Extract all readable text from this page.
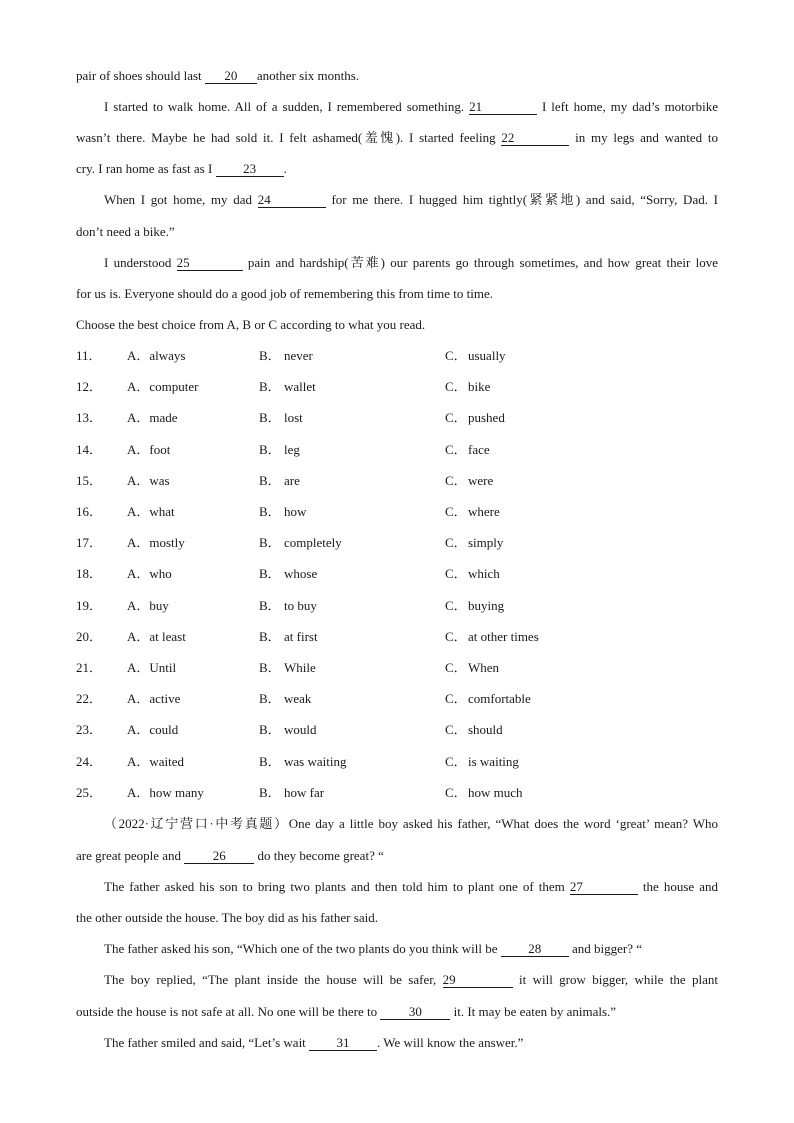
pair of shoes should last 20 another six months.
I started to walk home. All of a sudden, I remembered something. 21	I left home, my dad’s motorbike
wasn’t there. Maybe he had sold it. I felt ashamed(羞愧). I started feeling 22	in my legs and wanted to
cry. I ran home as fast as I 23 .
When I got home, my dad 24	for me there. I hugged him tightly(紧紧地) and said, “Sorry, Dad. I
don’t need a bike.”
I understood 25	pain and hardship(苦难) our parents go through sometimes, and how great their love
for us is. Everyone should do a good job of remembering this from time to time.
Choose the best choice from A, B or C according to what you read.
11． A．always	B． never	C． usually
12． A．computer	B． wallet	C． bike
13． A．made	B． lost	C． pushed
14． A．foot	B． leg	C． face
15． A．was	B． are	C． were
16． A．what	B． how	C． where
17． A．mostly	B． completely	C． simply
18． A．who	B． whose	C． which
19． A．buy	B． to buy	C． buying
20． A．at least	B． at first	C． at other times
21． A．Until	B． While	C． When
22． A．active	B． weak	C． comfortable
23． A．could	B． would	C． should
24． A．waited	B． was waiting	C． is waiting
25． A．how many	B． how far	C． how much
（2022·辽宁营口·中考真题）One day a little boy asked his father, “What does the word ‘great’ mean? Who
are great people and 26 do they become great? “
The father asked his son to bring two plants and then told him to plant one of them 27	the house and
the other outside the house. The boy did as his father said.
The father asked his son, “Which one of the two plants do you think will be 28 and bigger? “
The boy replied, “The plant inside the house will be safer, 29	it will grow bigger, while the plant
outside the house is not safe at all. No one will be there to 30 it. It may be eaten by animals.”
The father smiled and said, “Let’s wait 31 . We will know the answer.”
